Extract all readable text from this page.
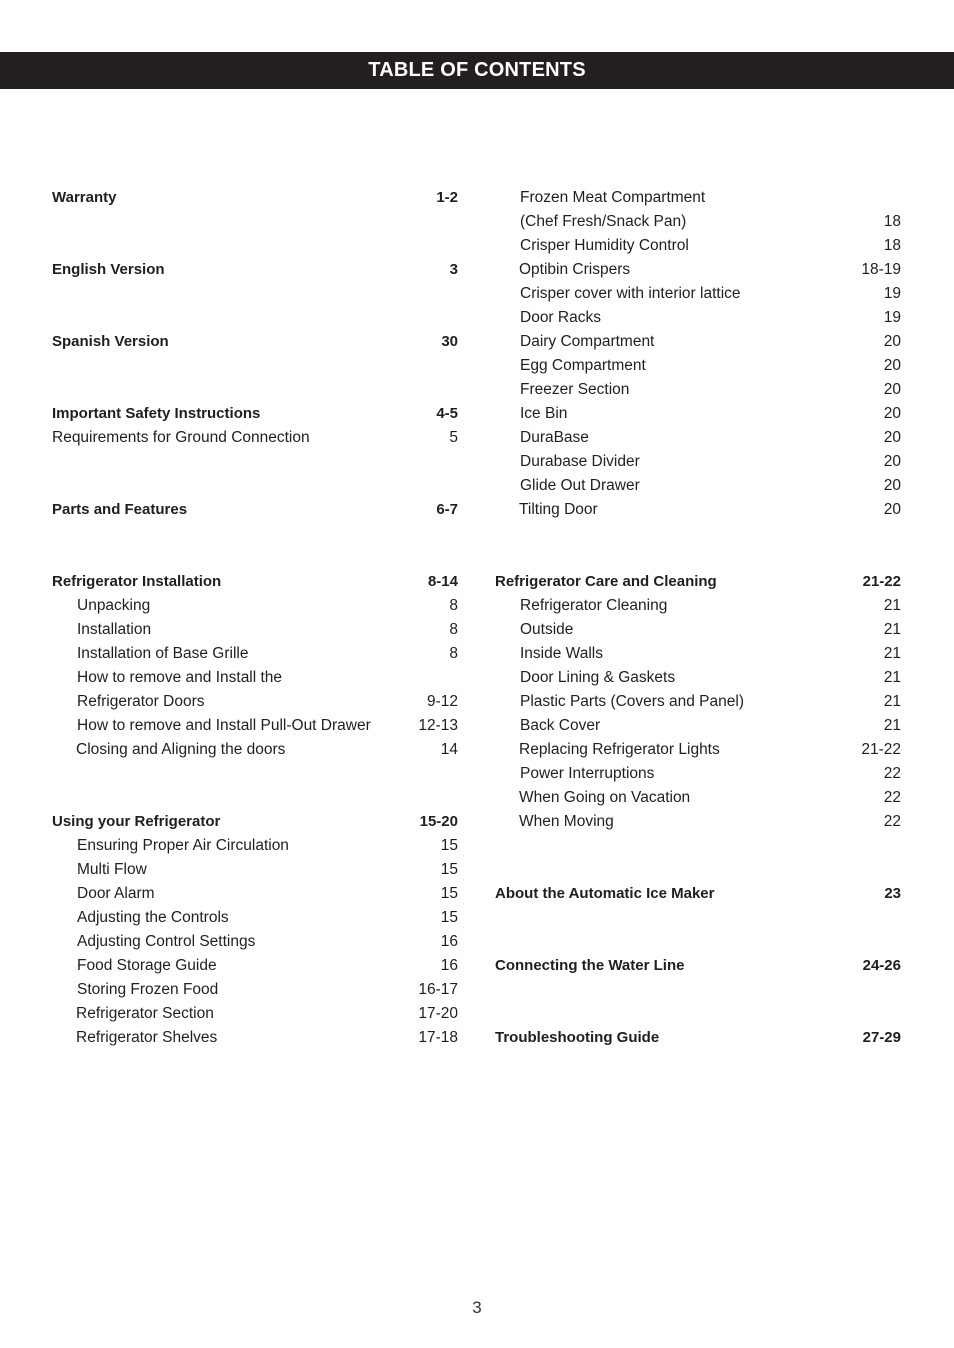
TABLE OF CONTENTS
Warranty	1-2
English Version	3
Spanish Version	30
Important Safety Instructions	4-5
Requirements for Ground Connection	5
Parts and Features	6-7
Refrigerator Installation	8-14
Unpacking	8
Installation	8
Installation of Base Grille	8
How to remove and Install the
Refrigerator Doors	9-12
How to remove and Install Pull-Out Drawer	12-13
Closing and Aligning the doors	14
Using your Refrigerator	15-20
Ensuring Proper Air Circulation	15
Multi Flow	15
Door Alarm	15
Adjusting the Controls	15
Adjusting Control Settings	16
Food Storage Guide	16
Storing Frozen Food	16-17
Refrigerator Section	17-20
Refrigerator Shelves	17-18
Frozen Meat Compartment
(Chef Fresh/Snack Pan)	18
Crisper Humidity Control	18
Optibin Crispers	18-19
Crisper cover with interior lattice	19
Door Racks	19
Dairy Compartment	20
Egg Compartment	20
Freezer Section	20
Ice Bin	20
DuraBase	20
Durabase Divider	20
Glide Out Drawer	20
Tilting Door	20
Refrigerator Care and Cleaning	21-22
Refrigerator Cleaning	21
Outside	21
Inside Walls	21
Door Lining & Gaskets	21
Plastic Parts (Covers and Panel)	21
Back Cover	21
Replacing Refrigerator Lights	21-22
Power Interruptions	22
When Going on Vacation	22
When Moving	22
About the Automatic Ice Maker	23
Connecting the Water Line	24-26
Troubleshooting Guide	27-29
3
